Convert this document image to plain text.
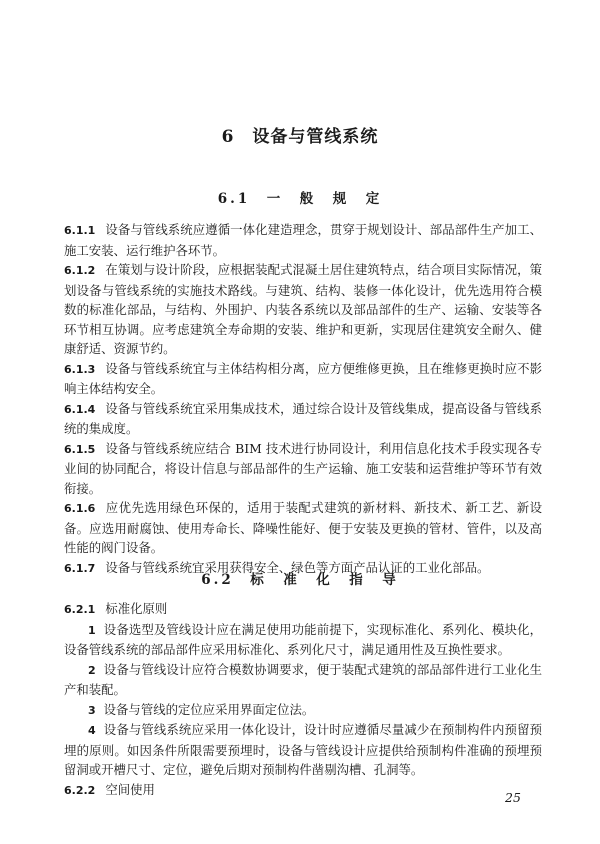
6　设备与管线系统
6.1　一　般　规　定

6.1.1 设备与管线系统应遵循一体化建造理念，贯穿于规划设计、部品部件生产加工、施工安装、运行维护各环节。

6.1.2 在策划与设计阶段，应根据装配式混凝土居住建筑特点，结合项目实际情况，策划设备与管线系统的实施技术路线。与建筑、结构、装修一体化设计，优先选用符合模数的标准化部品，与结构、外围护、内装各系统以及部品部件的生产、运输、安装等各环节相互协调。应考虑建筑全寿命期的安装、维护和更新，实现居住建筑安全耐久、健康舒适、资源节约。

6.1.3 设备与管线系统宜与主体结构相分离，应方便维修更换，且在维修更换时应不影响主体结构安全。

6.1.4 设备与管线系统宜采用集成技术，通过综合设计及管线集成，提高设备与管线系统的集成度。

6.1.5 设备与管线系统应结合 BIM 技术进行协同设计，利用信息化技术手段实现各专业间的协同配合，将设计信息与部品部件的生产运输、施工安装和运营维护等环节有效衔接。

6.1.6 应优先选用绿色环保的，适用于装配式建筑的新材料、新技术、新工艺、新设备。应选用耐腐蚀、使用寿命长、降噪性能好、便于安装及更换的管材、管件，以及高性能的阀门设备。

6.1.7 设备与管线系统宜采用获得安全、绿色等方面产品认证的工业化部品。

6.2　标　准　化　指　导

6.2.1 标准化原则

1 设备选型及管线设计应在满足使用功能前提下，实现标准化、系列化、模块化，设备管线系统的部品部件应采用标准化、系列化尺寸，满足通用性及互换性要求。

2 设备与管线设计应符合模数协调要求，便于装配式建筑的部品部件进行工业化生产和装配。

3 设备与管线的定位应采用界面定位法。

4 设备与管线系统应采用一体化设计，设计时应遵循尽量减少在预制构件内预留预埋的原则。如因条件所限需要预埋时，设备与管线设计应提供给预制构件准确的预埋预留洞或开槽尺寸、定位，避免后期对预制构件凿剔沟槽、孔洞等。

6.2.2 空间使用

25
